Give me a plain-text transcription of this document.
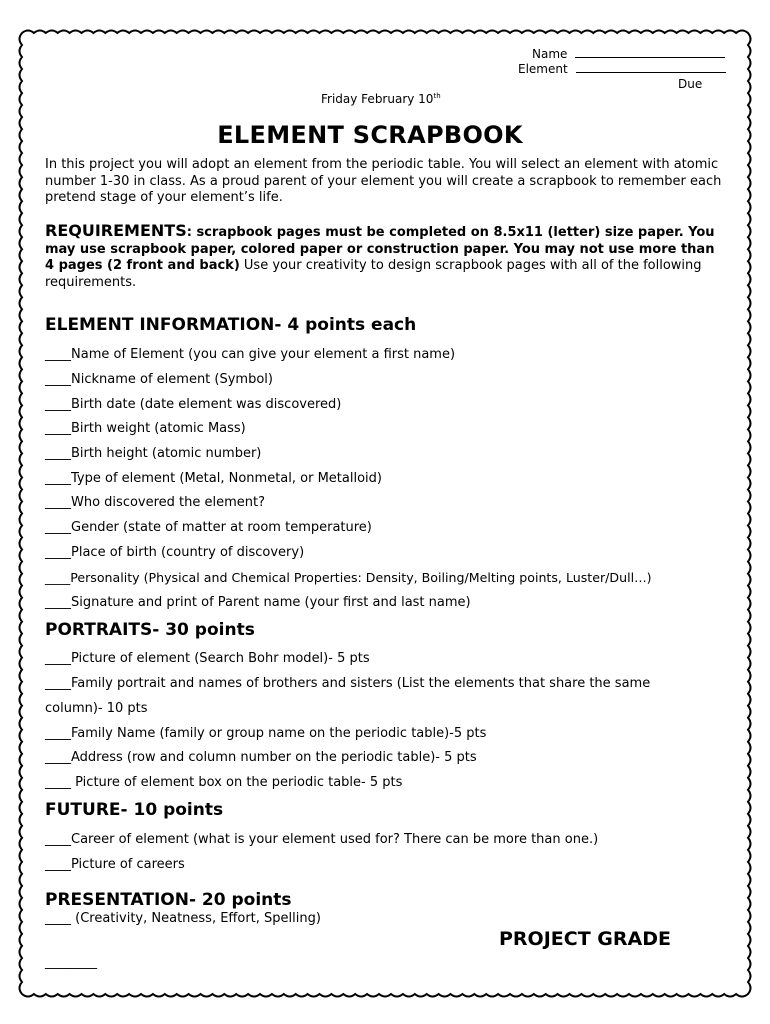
Name
Element
Due
Friday February 10th
ELEMENT SCRAPBOOK
In this project you will adopt an element from the periodic table. You will select an element with atomic number 1-30 in class. As a proud parent of your element you will create a scrapbook to remember each pretend stage of your element’s life.
REQUIREMENTS: scrapbook pages must be completed on 8.5x11 (letter) size paper. You may use scrapbook paper, colored paper or construction paper. You may not use more than 4 pages (2 front and back) Use your creativity to design scrapbook pages with all of the following requirements.
ELEMENT INFORMATION- 4 points each
____Name of Element (you can give your element a first name)
____Nickname of element (Symbol)
____Birth date (date element was discovered)
____Birth weight (atomic Mass)
____Birth height (atomic number)
____Type of element (Metal, Nonmetal, or Metalloid)
____Who discovered the element?
____Gender (state of matter at room temperature)
____Place of birth (country of discovery)
____Personality (Physical and Chemical Properties: Density, Boiling/Melting points, Luster/Dull…)
____Signature and print of Parent name (your first and last name)
PORTRAITS- 30 points
____Picture of element (Search Bohr model)- 5 pts
____Family portrait and names of brothers and sisters (List the elements that share the same
column)- 10 pts
____Family Name (family or group name on the periodic table)-5 pts
____Address (row and column number on the periodic table)- 5 pts
____ Picture of element box on the periodic table- 5 pts
FUTURE- 10 points
____Career of element (what is your element used for? There can be more than one.)
____Picture of careers
PRESENTATION- 20 points
____ (Creativity, Neatness, Effort, Spelling)
PROJECT GRADE
________
